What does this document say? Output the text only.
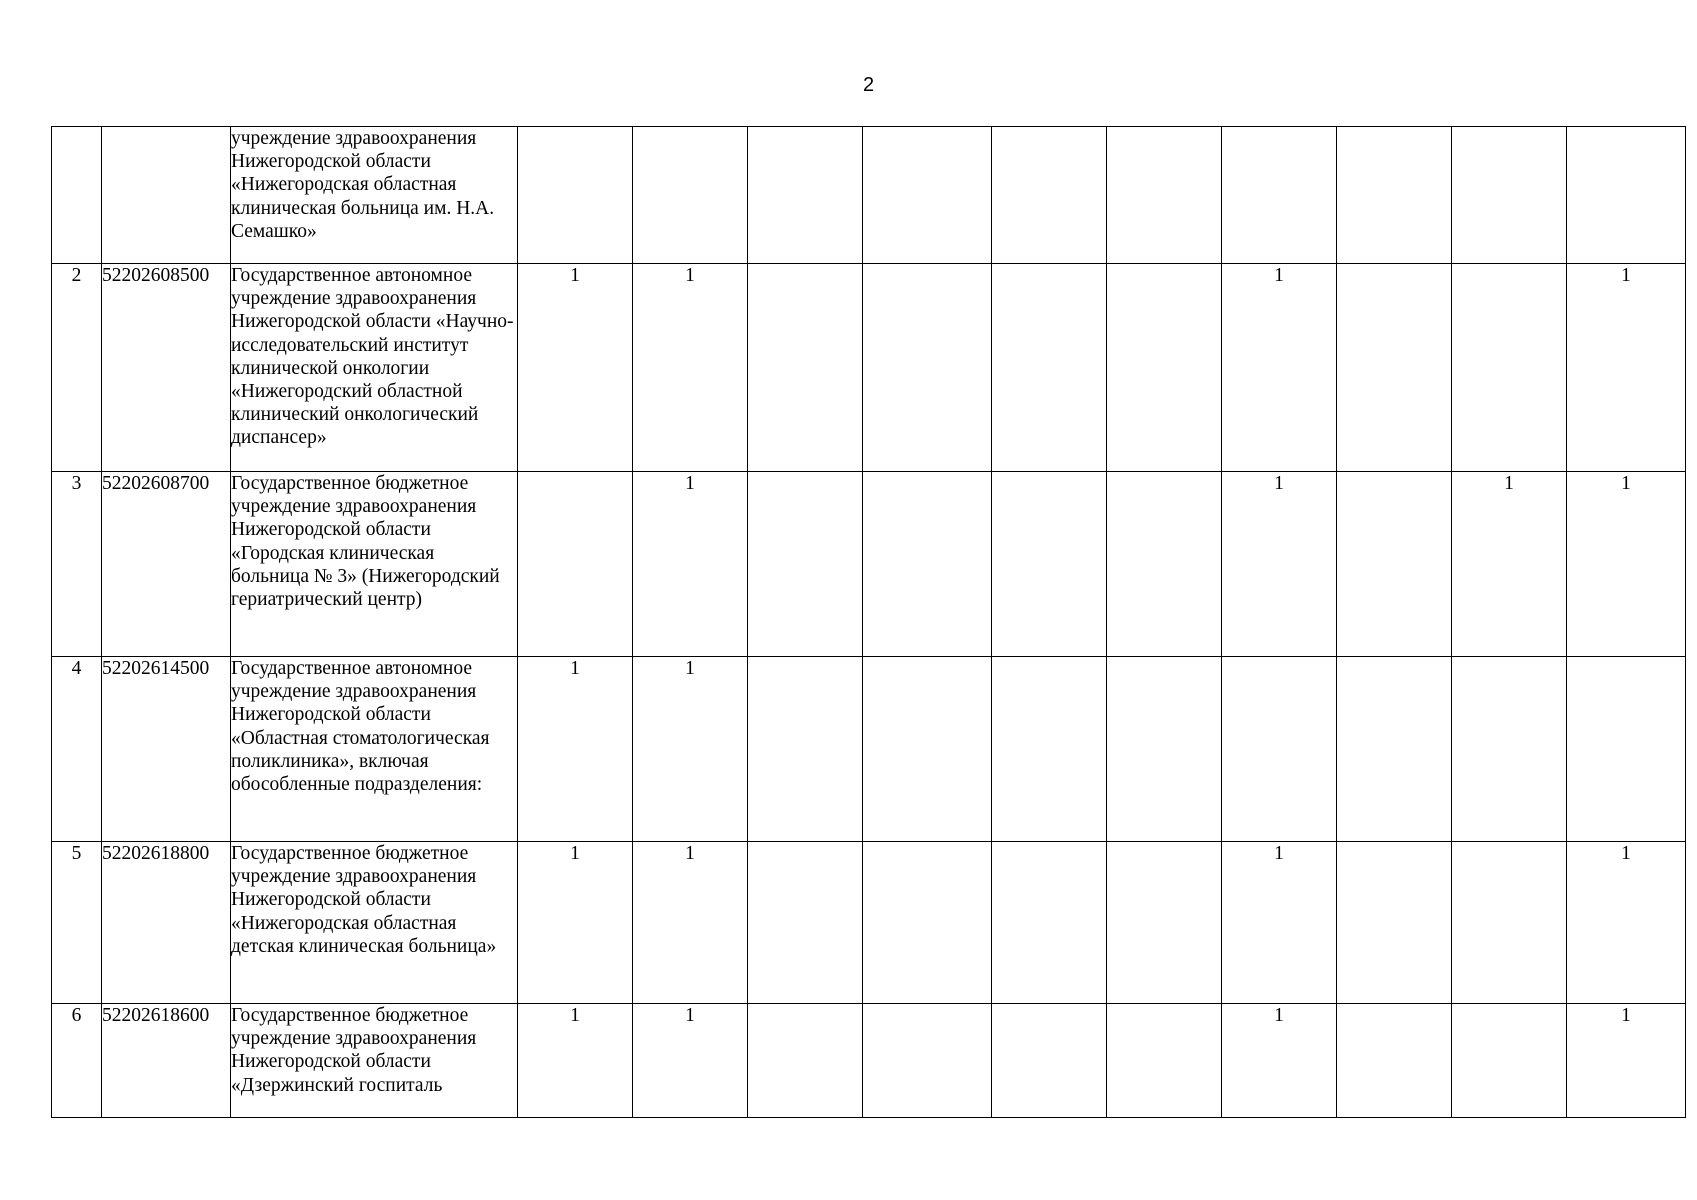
2
		учреждение здравоохранения Нижегородской области «Нижегородская областная клиническая больница им. Н.А. Семашко»										
2	52202608500	Государственное автономное учреждение здравоохранения Нижегородской области «Научно-исследовательский институт клинической онкологии «Нижегородский областной клинический онкологический диспансер»	1	1					1			1
3	52202608700	Государственное бюджетное учреждение здравоохранения Нижегородской области «Городская клиническая больница № 3» (Нижегородский гериатрический центр)		1					1		1	1
4	52202614500	Государственное автономное учреждение здравоохранения Нижегородской области «Областная стоматологическая поликлиника», включая обособленные подразделения:	1	1								
5	52202618800	Государственное бюджетное учреждение здравоохранения Нижегородской области «Нижегородская областная детская клиническая больница»	1	1					1			1
6	52202618600	Государственное бюджетное учреждение здравоохранения Нижегородской области «Дзержинский госпиталь	1	1					1			1
